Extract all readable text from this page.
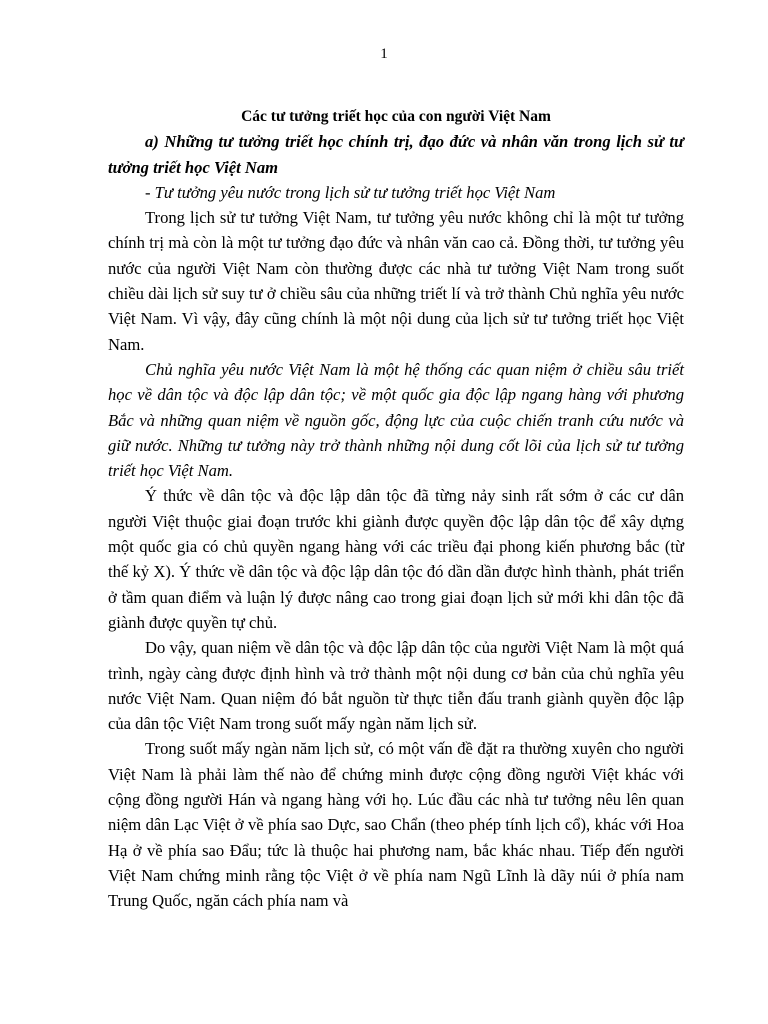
1

Các tư tưởng triết học của con người Việt Nam

a) Những tư tưởng triết học chính trị, đạo đức và nhân văn trong lịch sử tư tưởng triết học Việt Nam

- Tư tưởng yêu nước trong lịch sử tư tưởng triết học Việt Nam

Trong lịch sử tư tưởng Việt Nam, tư tưởng yêu nước không chỉ là một tư tưởng chính trị mà còn là một tư tưởng đạo đức và nhân văn cao cả. Đồng thời, tư tưởng yêu nước của người Việt Nam còn thường được các nhà tư tưởng Việt Nam trong suốt chiều dài lịch sử suy tư ở chiều sâu của những triết lí và trở thành Chủ nghĩa yêu nước Việt Nam. Vì vậy, đây cũng chính là một nội dung của lịch sử tư tưởng triết học Việt Nam.

Chủ nghĩa yêu nước Việt Nam là một hệ thống các quan niệm ở chiều sâu triết học về dân tộc và độc lập dân tộc; về một quốc gia độc lập ngang hàng với phương Bắc và những quan niệm về nguồn gốc, động lực của cuộc chiến tranh cứu nước và giữ nước. Những tư tưởng này trở thành những nội dung cốt lõi của lịch sử tư tưởng triết học Việt Nam.

Ý thức về dân tộc và độc lập dân tộc đã từng nảy sinh rất sớm ở các cư dân người Việt thuộc giai đoạn trước khi giành được quyền độc lập dân tộc để xây dựng một quốc gia có chủ quyền ngang hàng với các triều đại phong kiến phương bắc (từ thế kỷ X). Ý thức về dân tộc và độc lập dân tộc đó dần dần được hình thành, phát triển ở tầm quan điểm và luận lý được nâng cao trong giai đoạn lịch sử mới khi dân tộc đã giành được quyền tự chủ.

Do vậy, quan niệm về dân tộc và độc lập dân tộc của người Việt Nam là một quá trình, ngày càng được định hình và trở thành một nội dung cơ bản của chủ nghĩa yêu nước Việt Nam. Quan niệm đó bắt nguồn từ thực tiễn đấu tranh giành quyền độc lập của dân tộc Việt Nam trong suốt mấy ngàn năm lịch sử.

Trong suốt mấy ngàn năm lịch sử, có một vấn đề đặt ra thường xuyên cho người Việt Nam là phải làm thế nào để chứng minh được cộng đồng người Việt khác với cộng đồng người Hán và ngang hàng với họ. Lúc đầu các nhà tư tưởng nêu lên quan niệm dân Lạc Việt ở về phía sao Dực, sao Chẩn (theo phép tính lịch cổ), khác với Hoa Hạ ở về phía sao Đẩu; tức là thuộc hai phương nam, bắc khác nhau. Tiếp đến người Việt Nam chứng minh rằng tộc Việt ở về phía nam Ngũ Lĩnh là dãy núi ở phía nam Trung Quốc, ngăn cách phía nam và
